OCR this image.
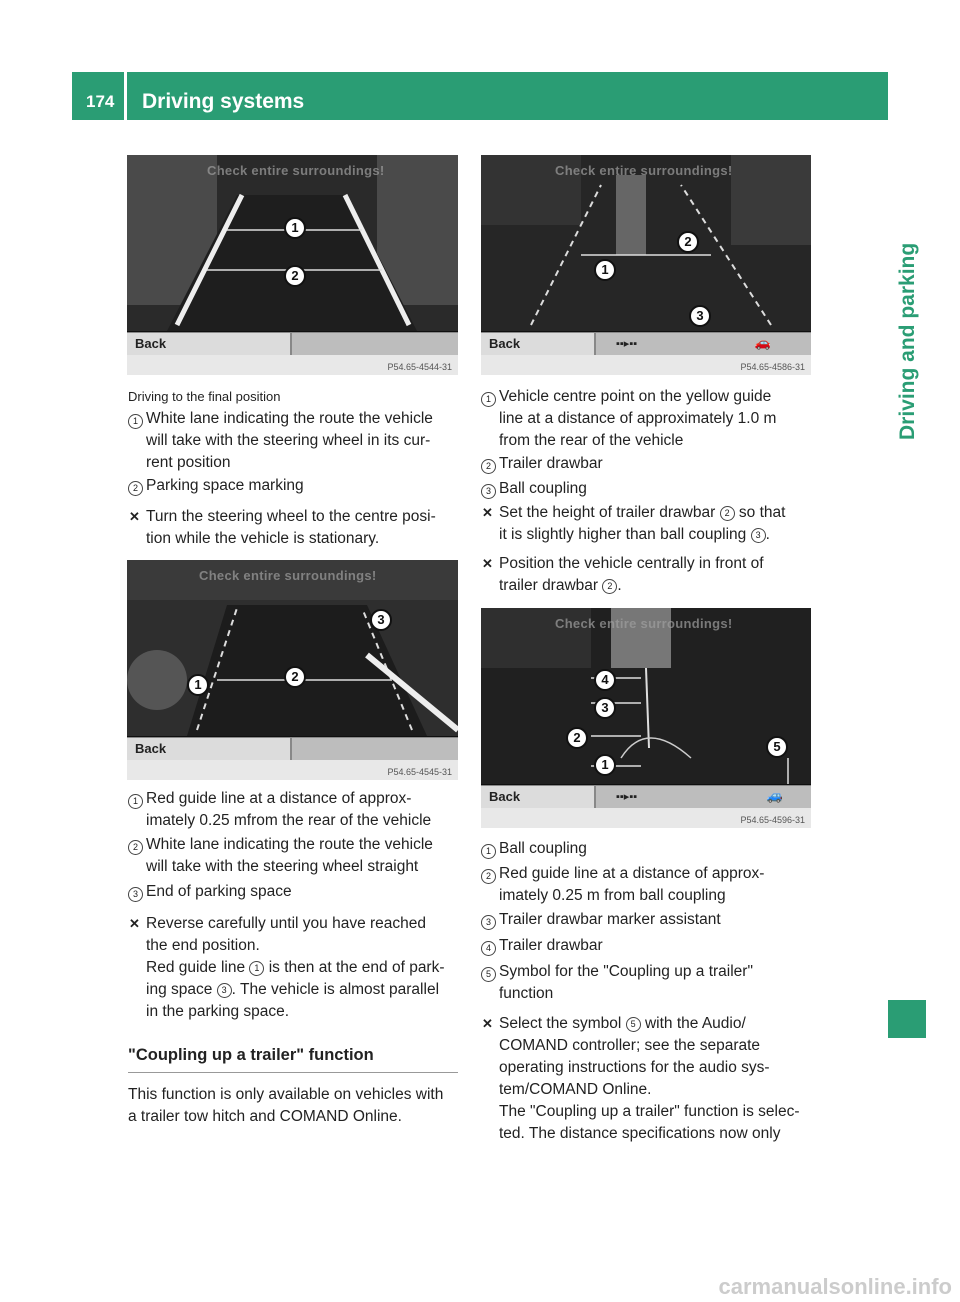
174 Driving systems
Driving and parking
Check entire surroundings!
1
2
Back
P54.65-4544-31
Driving to the final position
1 White lane indicating the route the vehicle
will take with the steering wheel in its cur-
rent position
2 Parking space marking
✕ Turn the steering wheel to the centre posi-
tion while the vehicle is stationary.
Check entire surroundings!
1
2
3
Back
P54.65-4545-31
1 Red guide line at a distance of approx-
imately 0.25 mfrom the rear of the vehicle
2 White lane indicating the route the vehicle
will take with the steering wheel straight
3 End of parking space
✕ Reverse carefully until you have reached
the end position.
Red guide line 1 is then at the end of park-
ing space 3 . The vehicle is almost parallel
in the parking space.
"Coupling up a trailer" function
This function is only available on vehicles with
a trailer tow hitch and COMAND Online.
Check entire surroundings!
2
1
3
Back	▪▪▸▪▪	🚗
P54.65-4586-31
1 Vehicle centre point on the yellow guide
line at a distance of approximately 1.0 m
from the rear of the vehicle
2 Trailer drawbar
3 Ball coupling
✕ Set the height of trailer drawbar 2 so that
it is slightly higher than ball coupling 3 .
✕ Position the vehicle centrally in front of
trailer drawbar 2 .
Check entire surroundings!
4
3
2
1
5
Back	▪▪▸▪▪	🚙
P54.65-4596-31
1 Ball coupling
2 Red guide line at a distance of approx-
imately 0.25 m from ball coupling
3 Trailer drawbar marker assistant
4 Trailer drawbar
5 Symbol for the "Coupling up a trailer"
function
✕ Select the symbol 5 with the Audio/
COMAND controller; see the separate
operating instructions for the audio sys-
tem/COMAND Online.
The "Coupling up a trailer" function is selec-
ted. The distance specifications now only
carmanualsonline.info
